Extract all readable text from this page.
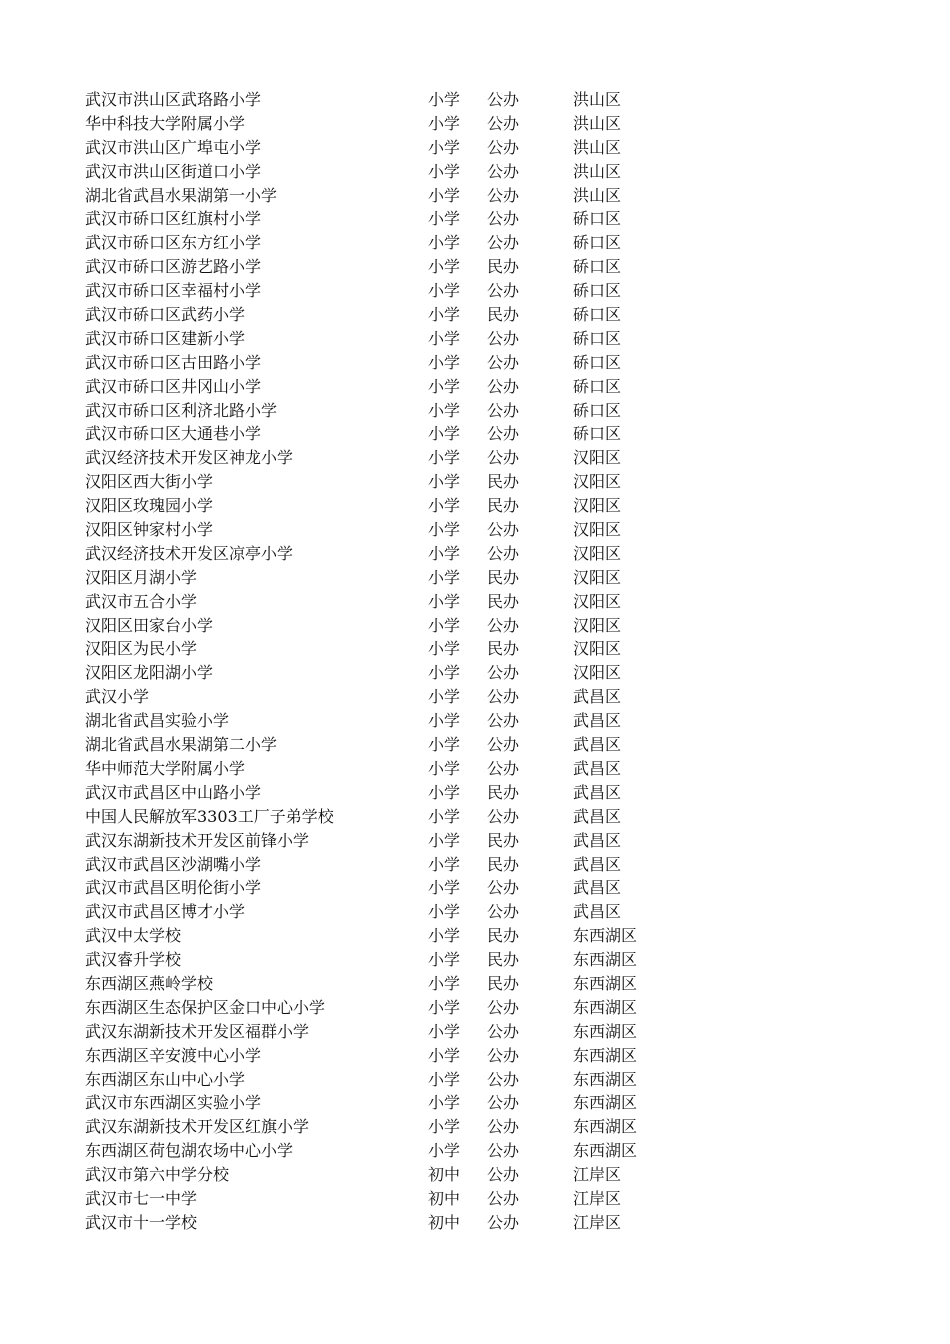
武汉市洪山区武珞路小学	小学 公办	洪山区
华中科技大学附属小学	小学 公办	洪山区
武汉市洪山区广埠屯小学	小学 公办	洪山区
武汉市洪山区街道口小学	小学 公办	洪山区
湖北省武昌水果湖第一小学	小学 公办	洪山区
武汉市硚口区红旗村小学	小学 公办	硚口区
武汉市硚口区东方红小学	小学 公办	硚口区
武汉市硚口区游艺路小学	小学 民办	硚口区
武汉市硚口区幸福村小学	小学 公办	硚口区
武汉市硚口区武药小学	小学 民办	硚口区
武汉市硚口区建新小学	小学 公办	硚口区
武汉市硚口区古田路小学	小学 公办	硚口区
武汉市硚口区井冈山小学	小学 公办	硚口区
武汉市硚口区利济北路小学	小学 公办	硚口区
武汉市硚口区大通巷小学	小学 公办	硚口区
武汉经济技术开发区神龙小学	小学 公办	汉阳区
汉阳区西大街小学	小学 民办	汉阳区
汉阳区玫瑰园小学	小学 民办	汉阳区
汉阳区钟家村小学	小学 公办	汉阳区
武汉经济技术开发区凉亭小学	小学 公办	汉阳区
汉阳区月湖小学	小学 民办	汉阳区
武汉市五合小学	小学 民办	汉阳区
汉阳区田家台小学	小学 公办	汉阳区
汉阳区为民小学	小学 民办	汉阳区
汉阳区龙阳湖小学	小学 公办	汉阳区
武汉小学	小学 公办	武昌区
湖北省武昌实验小学	小学 公办	武昌区
湖北省武昌水果湖第二小学	小学 公办	武昌区
华中师范大学附属小学	小学 公办	武昌区
武汉市武昌区中山路小学	小学 民办	武昌区
中国人民解放军3303工厂子弟学校	小学 公办	武昌区
武汉东湖新技术开发区前锋小学	小学 民办	武昌区
武汉市武昌区沙湖嘴小学	小学 民办	武昌区
武汉市武昌区明伦街小学	小学 公办	武昌区
武汉市武昌区博才小学	小学 公办	武昌区
武汉中太学校	小学 民办	东西湖区
武汉睿升学校	小学 民办	东西湖区
东西湖区燕岭学校	小学 民办	东西湖区
东西湖区生态保护区金口中心小学	小学 公办	东西湖区
武汉东湖新技术开发区福群小学	小学 公办	东西湖区
东西湖区辛安渡中心小学	小学 公办	东西湖区
东西湖区东山中心小学	小学 公办	东西湖区
武汉市东西湖区实验小学	小学 公办	东西湖区
武汉东湖新技术开发区红旗小学	小学 公办	东西湖区
东西湖区荷包湖农场中心小学	小学 公办	东西湖区
武汉市第六中学分校	初中 公办	江岸区
武汉市七一中学	初中 公办	江岸区
武汉市十一学校	初中 公办	江岸区
